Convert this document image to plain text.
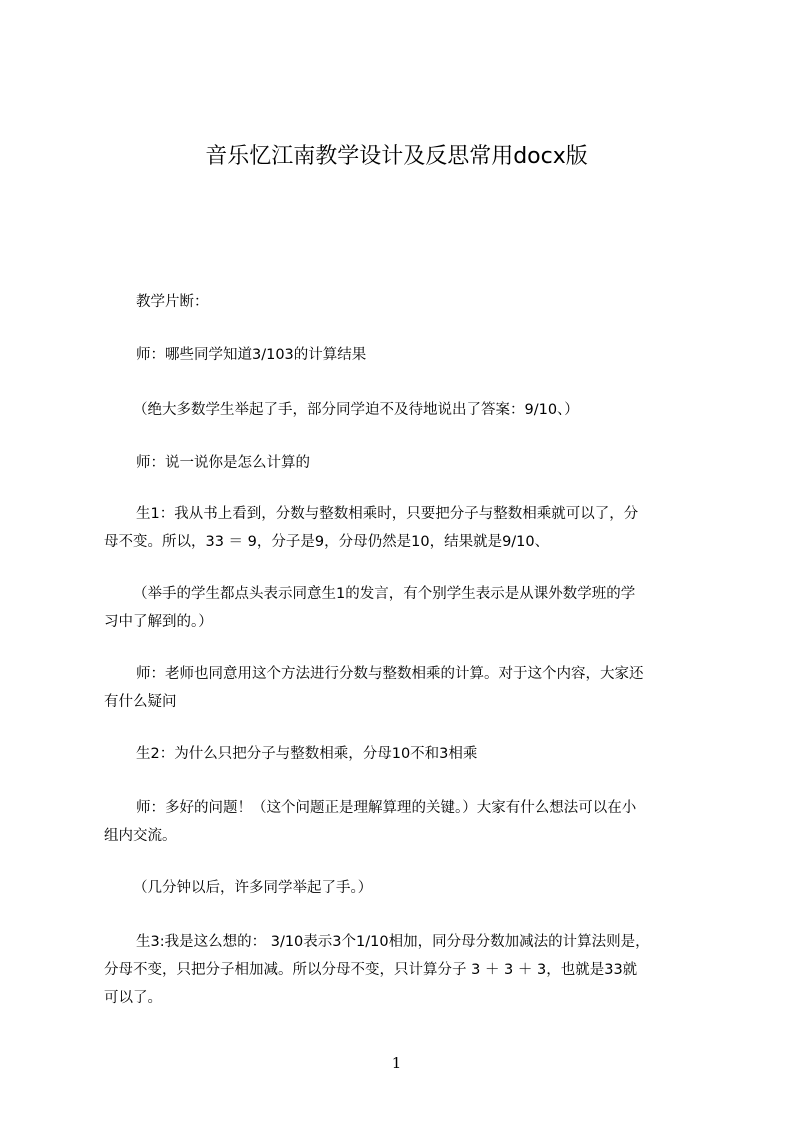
音乐忆江南教学设计及反思常用docx版
教学片断：
师：哪些同学知道3/103的计算结果
（绝大多数学生举起了手，部分同学迫不及待地说出了答案：9/10、）
师：说一说你是怎么计算的
生1：我从书上看到，分数与整数相乘时，只要把分子与整数相乘就可以了，分
母不变。所以，33 ＝ 9，分子是9，分母仍然是10，结果就是9/10、
（举手的学生都点头表示同意生1的发言，有个别学生表示是从课外数学班的学
习中了解到的。）
师：老师也同意用这个方法进行分数与整数相乘的计算。对于这个内容，大家还
有什么疑问
生2：为什么只把分子与整数相乘，分母10不和3相乘
师：多好的问题！（这个问题正是理解算理的关键。）大家有什么想法可以在小
组内交流。
（几分钟以后，许多同学举起了手。）
生3:我是这么想的： 3/10表示3个1/10相加，同分母分数加减法的计算法则是，
分母不变，只把分子相加减。所以分母不变，只计算分子 3 ＋ 3 ＋ 3，也就是33就
可以了。
1
